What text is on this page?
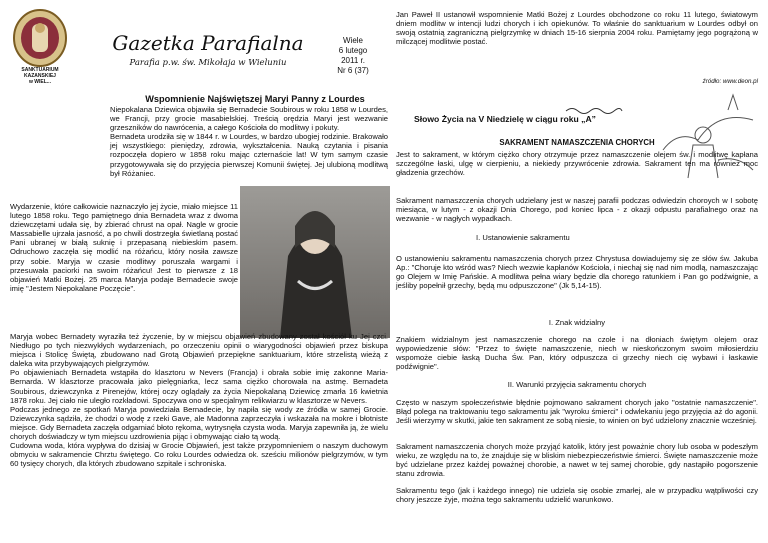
SANKTUARIUM
KAZANSKIEJ
w WIEL...
Gazetka Parafialna
Parafia p.w. św. Mikołaja w Wieluniu
Wiele
6 lutego
2011 r.
Nr 6 (37)
Wspomnienie Najświętszej Maryi Panny z Lourdes

Niepokalana Dziewica objawiła się Bernadecie Soubirous w roku 1858 w Lourdes, we Francji, przy grocie masabielskiej. Treścią orędzia Maryi jest wezwanie grzeszników do nawrócenia, a całego Kościoła do modlitwy i pokuty.
Bernadeta urodziła się w 1844 r. w Lourdes, w bardzo ubogiej rodzinie. Brakowało jej wszystkiego: pieniędzy, zdrowia, wykształcenia. Nauką czytania i pisania rozpoczęła dopiero w 1858 roku mając czternaście lat! W tym samym czasie przygotowywała się do przyjęcia pierwszej Komunii świętej. Jej ulubioną modlitwą był Różaniec.

Wydarzenie, które całkowicie naznaczyło jej życie, miało miejsce 11 lutego 1858 roku. Tego pamiętnego dnia Bernadeta wraz z dwoma dziewczętami udała się, by zbierać chrust na opał. Nagle w grocie Massabielle ujrzała jasność, a po chwili dostrzegła świetlaną postać Pani ubranej w białą suknię i przepasaną niebieskim pasem. Odruchowo zaczęła się modlić na różańcu, który nosiła zawsze przy sobie. Maryja w czasie modlitwy poruszała wargami i przesuwała paciorki na swoim różańcu! Jest to pierwsze z 18 objawień Matki Bożej. 25 marca Maryja podaje Bernadecie swoje imię "Jestem Niepokalane Poczęcie".

Maryja wobec Bernadety wyraziła też życzenie, by w miejscu objawień zbudowany został kościół ku Jej czci. Niedługo po tych niezwykłych wydarzeniach, po orzeczeniu opinii o wiarygodności objawień przez biskupa miejsca i Stolicę Świętą, zbudowano nad Grotą Objawień przepiękne sanktuarium, które strzelistą wieżą z daleka wita przybywających pielgrzymów.
Po objawieniach Bernadeta wstąpiła do klasztoru w Nevers (Francja) i obrała sobie imię zakonne Maria-Bernarda. W klasztorze pracowała jako pielęgniarka, lecz sama ciężko chorowała na astmę. Bernadeta Soubirous, dziewczynka z Pirenejów, której oczy oglądały za życia Niepokalaną Dziewicę zmarła 16 kwietnia 1878 roku. Jej ciało nie uległo rozkładowi. Spoczywa ono w specjalnym relikwiarzu w klasztorze w Nevers.
Podczas jednego ze spotkań Maryja powiedziała Bernadecie, by napiła się wody ze źródła w samej Grocie. Dziewczynka sądziła, że chodzi o wodę z rzeki Gave, ale Madonna zaprzeczyła i wskazała na mokre i błotniste miejsce. Gdy Bernadeta zaczęła odgarniać błoto rękoma, wytrysnęła czysta woda. Maryja zapewniła ją, że wielu chorych doświadczy w tym miejscu uzdrowienia pijąc i obmywając ciało tą wodą.
Cudowna woda, która wypływa do dzisiaj w Grocie Objawień, jest także przypomnieniem o naszym duchowym obmyciu w sakramencie Chrztu świętego. Co roku Lourdes odwiedza ok. sześciu milionów pielgrzymów, w tym 60 tysięcy chorych, dla których zbudowano szpitale i schroniska.

Jan Paweł II ustanowił wspomnienie Matki Bożej z Lourdes obchodzone co roku 11 lutego, światowym dniem modlitw w intencji ludzi chorych i ich opiekunów. To właśnie do sanktuarium w Lourdes odbył on swoją ostatnią zagraniczną pielgrzymkę w dniach 15-16 sierpnia 2004 roku. Pamiętamy jego pogrążoną w milczącej modlitwie postać.

źródło: www.deon.pl
Słowo Życia na V Niedzielę w ciągu roku „A”
SAKRAMENT NAMASZCZENIA CHORYCH

Jest to sakrament, w którym ciężko chory otrzymuje przez namaszczenie olejem św. i modlitwę kapłana szczególne łaski, ulgę w cierpieniu, a niekiedy przywrócenie zdrowia. Sakrament ten ma również moc gładzenia grzechów.

Sakrament namaszczenia chorych udzielany jest w naszej parafii podczas odwiedzin choroych w I sobotę miesiąca, w lutym - z okazji Dnia Chorego, pod koniec lipca - z okazji odpustu parafialnego oraz na wezwanie - w nagłych wypadkach.

I. Ustanowienie sakramentu

O ustanowieniu sakramentu namaszczenia chorych przez Chrystusa dowiadujemy się ze słów św. Jakuba Ap.: "Choruje kto wśród was? Niech wezwie kapłanów Kościoła, i niechaj się nad nim modlą, namaszczając go Olejem w Imię Pańskie. A modlitwa pełna wiary będzie dla chorego ratunkiem i Pan go podźwignie, a jeśliby popełnił grzechy, będą mu odpuszczone" (Jk 5,14-15).

I. Znak widzialny

Znakiem widzialnym jest namaszczenie chorego na czole i na dłoniach świętym olejem oraz wypowiedzenie słów: "Przez to święte namaszczenie, niech w nieskończonym swoim miłosierdziu wspomoże ciebie łaską Ducha Św. Pan, który odpuszcza ci grzechy niech cię wybawi i łaskawie podźwignie".

II. Warunki przyjęcia sakramentu chorych

Często w naszym społeczeństwie błędnie pojmowano sakrament chorych jako "ostatnie namaszczenie". Błąd polega na traktowaniu tego sakramentu jak "wyroku śmierci" i odwlekaniu jego przyjęcia aż do agonii. Jeśli wierzymy w skutki, jakie ten sakrament ze sobą niesie, to winien on być udzielony znacznie wcześniej.

Sakrament namaszczenia chorych może przyjąć katolik, który jest poważnie chory lub osoba w podeszłym wieku, ze względu na to, że znajduje się w bliskim niebezpieczeństwie śmierci. Święte namaszczenie może być udzielane przez każdej poważnej chorobie, a nawet w tej samej chorobie, gdy nastąpiło pogorszenie stanu zdrowia.

Sakramentu tego (jak i każdego innego) nie udziela się osobie zmarłej, ale w przypadku wątpliwości czy chory jeszcze żyje, można tego sakramentu udzielić warunkowo.
